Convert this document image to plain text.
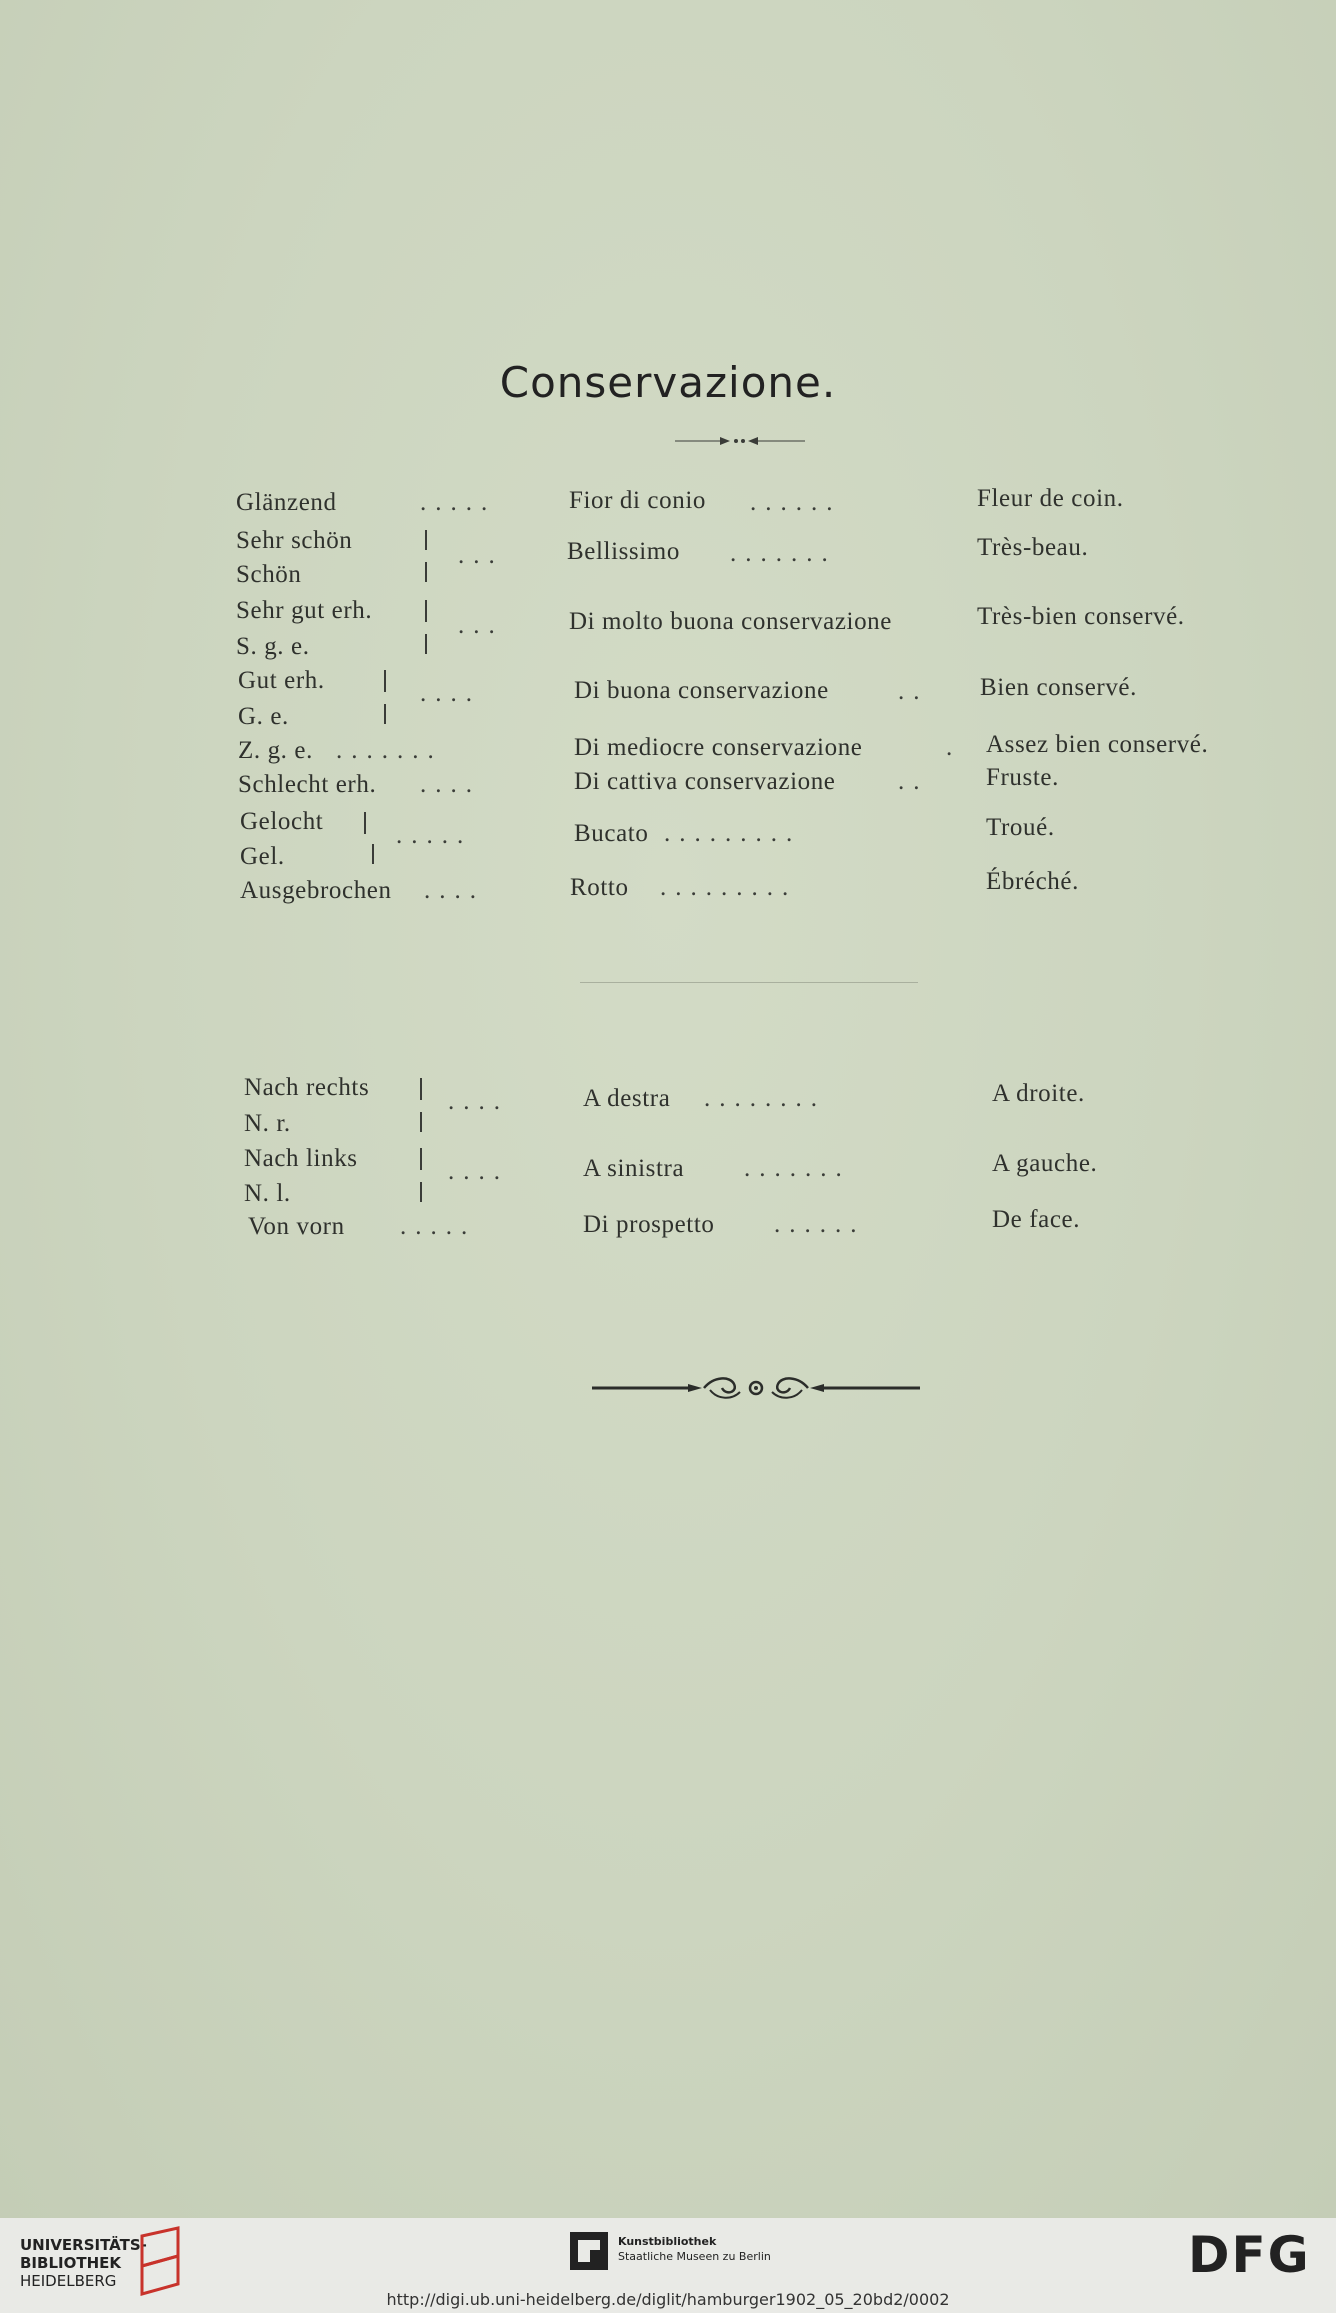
Conservazione.
Glänzend	.....	Fior di conio ......	Fleur de coin.
Sehr schön
Schön
...	Bellissimo .......	Très-beau.
Sehr gut erh.
S. g. e.
...	Di molto buona conservazione	Très-bien conservé.
Gut erh.
G. e.
....	Di buona conservazione	.. Bien conservé.
Z. g. e. .......	Di mediocre conservazione	. Assez bien conservé.
Schlecht erh. ....	Di cattiva conservazione .. Fruste.
Gelocht
Gel.
.....	Bucato .........	Troué.
Ausgebrochen ....	Rotto .........	Ébréché.
Nach rechts
N. r.
....	A destra ........	A droite.
Nach links
N. l.
....	A sinistra .......	A gauche.
Von vorn .....	Di prospetto ......	De face.
UNIVERSITÄTS-
BIBLIOTHEK
HEIDELBERG
Kunstbibliothek
Staatliche Museen zu Berlin	DFG
http://digi.ub.uni-heidelberg.de/diglit/hamburger1902_05_20bd2/0002
